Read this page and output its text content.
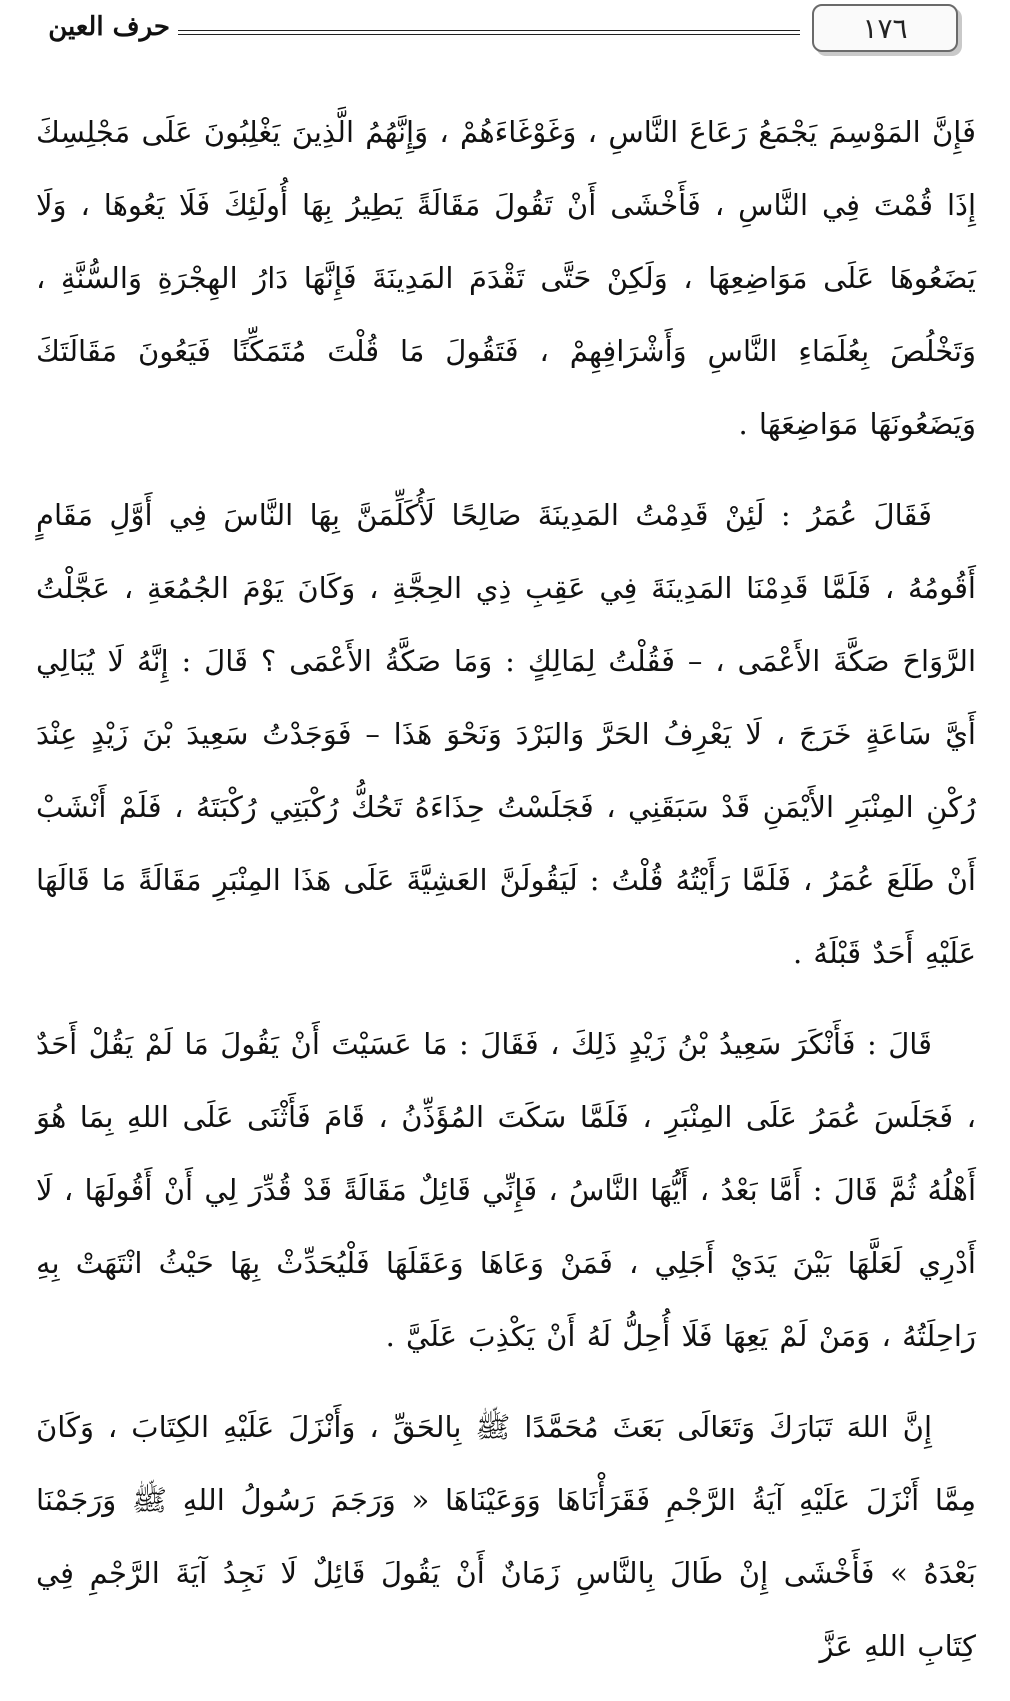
١٧٦
حرف العين

فَإِنَّ المَوْسِمَ يَجْمَعُ رَعَاعَ النَّاسِ ، وَغَوْغَاءَهُمْ ، وَإِنَّهُمُ الَّذِينَ يَغْلِبُونَ عَلَى مَجْلِسِكَ إِذَا قُمْتَ فِي النَّاسِ ، فَأَخْشَى أَنْ تَقُولَ مَقَالَةً يَطِيرُ بِهَا أُولَئِكَ فَلَا يَعُوهَا ، وَلَا يَضَعُوهَا عَلَى مَوَاضِعِهَا ، وَلَكِنْ حَتَّى تَقْدَمَ المَدِينَةَ فَإِنَّهَا دَارُ الهِجْرَةِ وَالسُّنَّةِ ، وَتَخْلُصَ بِعُلَمَاءِ النَّاسِ وَأَشْرَافِهِمْ ، فَتَقُولَ مَا قُلْتَ مُتَمَكِّنًا فَيَعُونَ مَقَالَتَكَ وَيَضَعُونَهَا مَوَاضِعَهَا .

فَقَالَ عُمَرُ : لَئِنْ قَدِمْتُ المَدِينَةَ صَالِحًا لَأُكَلِّمَنَّ بِهَا النَّاسَ فِي أَوَّلِ مَقَامٍ أَقُومُهُ ، فَلَمَّا قَدِمْنَا المَدِينَةَ فِي عَقِبِ ذِي الحِجَّةِ ، وَكَانَ يَوْمَ الجُمُعَةِ ، عَجَّلْتُ الرَّوَاحَ صَكَّةَ الأَعْمَى ، – فَقُلْتُ لِمَالِكٍ : وَمَا صَكَّةُ الأَعْمَى ؟ قَالَ : إِنَّهُ لَا يُبَالِي أَيَّ سَاعَةٍ خَرَجَ ، لَا يَعْرِفُ الحَرَّ وَالبَرْدَ وَنَحْوَ هَذَا – فَوَجَدْتُ سَعِيدَ بْنَ زَيْدٍ عِنْدَ رُكْنِ المِنْبَرِ الأَيْمَنِ قَدْ سَبَقَنِي ، فَجَلَسْتُ حِذَاءَهُ تَحُكُّ رُكْبَتِي رُكْبَتَهُ ، فَلَمْ أَنْشَبْ أَنْ طَلَعَ عُمَرُ ، فَلَمَّا رَأَيْتُهُ قُلْتُ : لَيَقُولَنَّ العَشِيَّةَ عَلَى هَذَا المِنْبَرِ مَقَالَةً مَا قَالَهَا عَلَيْهِ أَحَدٌ قَبْلَهُ .

قَالَ : فَأَنْكَرَ سَعِيدُ بْنُ زَيْدٍ ذَلِكَ ، فَقَالَ : مَا عَسَيْتَ أَنْ يَقُولَ مَا لَمْ يَقُلْ أَحَدٌ ، فَجَلَسَ عُمَرُ عَلَى المِنْبَرِ ، فَلَمَّا سَكَتَ المُؤَذِّنُ ، قَامَ فَأَثْنَى عَلَى اللهِ بِمَا هُوَ أَهْلُهُ ثُمَّ قَالَ : أَمَّا بَعْدُ ، أَيُّهَا النَّاسُ ، فَإِنِّي قَائِلٌ مَقَالَةً قَدْ قُدِّرَ لِي أَنْ أَقُولَهَا ، لَا أَدْرِي لَعَلَّهَا بَيْنَ يَدَيْ أَجَلِي ، فَمَنْ وَعَاهَا وَعَقَلَهَا فَلْيُحَدِّثْ بِهَا حَيْثُ انْتَهَتْ بِهِ رَاحِلَتُهُ ، وَمَنْ لَمْ يَعِهَا فَلَا أُحِلُّ لَهُ أَنْ يَكْذِبَ عَلَيَّ .

إِنَّ اللهَ تَبَارَكَ وَتَعَالَى بَعَثَ مُحَمَّدًا ﷺ بِالحَقِّ ، وَأَنْزَلَ عَلَيْهِ الكِتَابَ ، وَكَانَ مِمَّا أَنْزَلَ عَلَيْهِ آيَةُ الرَّجْمِ فَقَرَأْنَاهَا وَوَعَيْنَاهَا « وَرَجَمَ رَسُولُ اللهِ ﷺ وَرَجَمْنَا بَعْدَهُ » فَأَخْشَى إِنْ طَالَ بِالنَّاسِ زَمَانٌ أَنْ يَقُولَ قَائِلٌ لَا نَجِدُ آيَةَ الرَّجْمِ فِي كِتَابِ اللهِ عَزَّ
